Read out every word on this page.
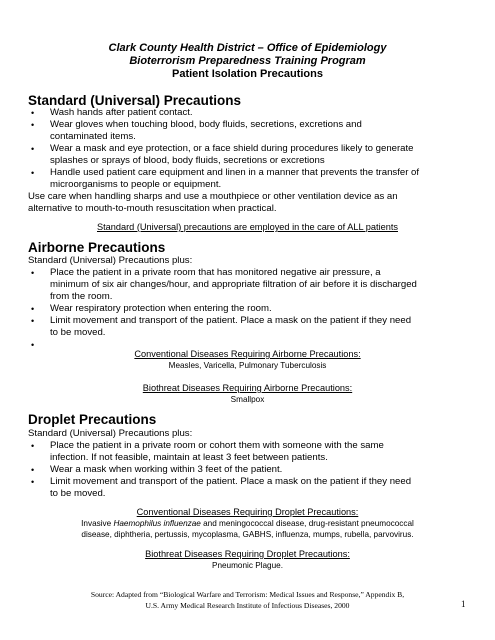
Clark County Health District – Office of Epidemiology
Bioterrorism Preparedness Training Program
Patient Isolation Precautions
Standard (Universal) Precautions
• Wash hands after patient contact.
• Wear gloves when touching blood, body fluids, secretions, excretions and
contaminated items.
• Wear a mask and eye protection, or a face shield during procedures likely to generate
splashes or sprays of blood, body fluids, secretions or excretions
• Handle used patient care equipment and linen in a manner that prevents the transfer of
microorganisms to people or equipment.
Use care when handling sharps and use a mouthpiece or other ventilation device as an
alternative to mouth-to-mouth resuscitation when practical.
Standard (Universal) precautions are employed in the care of ALL patients
Airborne Precautions
Standard (Universal) Precautions plus:
• Place the patient in a private room that has monitored negative air pressure, a
minimum of six air changes/hour, and appropriate filtration of air before it is discharged
from the room.
• Wear respiratory protection when entering the room.
• Limit movement and transport of the patient. Place a mask on the patient if they need
to be moved.
•
Conventional Diseases Requiring Airborne Precautions:
Measles, Varicella, Pulmonary Tuberculosis
Biothreat Diseases Requiring Airborne Precautions:
Smallpox
Droplet Precautions
Standard (Universal) Precautions plus:
• Place the patient in a private room or cohort them with someone with the same
infection. If not feasible, maintain at least 3 feet between patients.
• Wear a mask when working within 3 feet of the patient.
• Limit movement and transport of the patient. Place a mask on the patient if they need
to be moved.
Conventional Diseases Requiring Droplet Precautions:
Invasive Haemophilus influenzae and meningococcal disease, drug-resistant pneumococcal
disease, diphtheria, pertussis, mycoplasma, GABHS, influenza, mumps, rubella, parvovirus.
Biothreat Diseases Requiring Droplet Precautions:
Pneumonic Plague.
Source: Adapted from “Biological Warfare and Terrorism: Medical Issues and Response,” Appendix B,
U.S. Army Medical Research Institute of Infectious Diseases, 2000	1
